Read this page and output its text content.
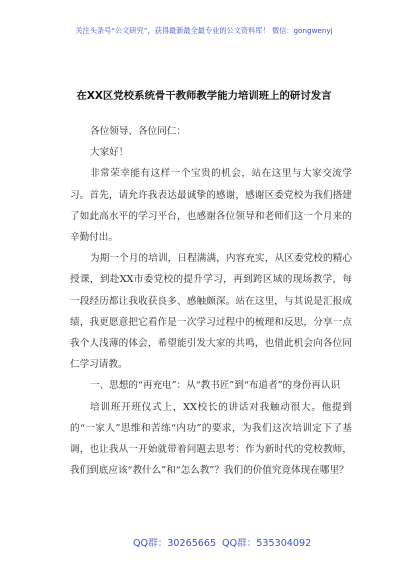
关注头条号“公文研究”，获得最新最全最专业的公文资料库！ 微信：gongwenyj
在XX区党校系统骨干教师教学能力培训班上的研讨发言

各位领导、各位同仁：

大家好！

非常荣幸能有这样一个宝贵的机会，站在这里与大家交流学习。首先，请允许我表达最诚挚的感谢，感谢区委党校为我们搭建了如此高水平的学习平台，也感谢各位领导和老师们这一个月来的辛勤付出。

为期一个月的培训，日程满满，内容充实，从区委党校的精心授课，到赴XX市委党校的提升学习，再到跨区域的现场教学，每一段经历都让我收获良多、感触颇深。站在这里，与其说是汇报成绩，我更愿意把它看作是一次学习过程中的梳理和反思，分享一点我个人浅薄的体会，希望能引发大家的共鸣，也借此机会向各位同仁学习请教。

一、思想的“再充电”：从“教书匠”到“布道者”的身份再认识

培训班开班仪式上，XX校长的讲话对我触动很大。他提到的“一家人”思维和苦练“内功”的要求，为我们这次培训定下了基调，也让我从一开始就带着问题去思考：作为新时代的党校教师，我们到底应该“教什么”和“怎么教”？我们的价值究竟体现在哪里？

QQ群：30265665 QQ群：535304092
